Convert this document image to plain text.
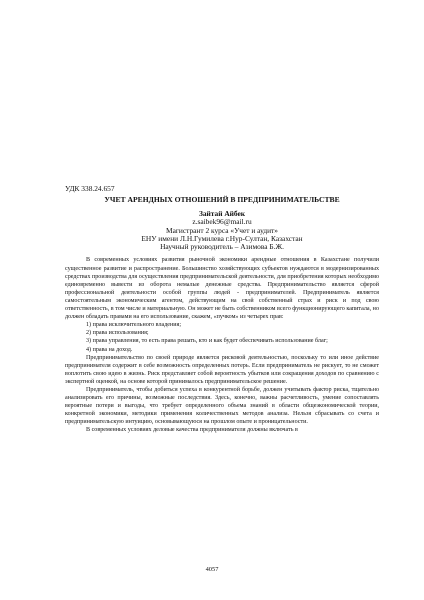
УДК 338.24.657
УЧЕТ АРЕНДНЫХ ОТНОШЕНИЙ В ПРЕДПРИНИМАТЕЛЬСТВЕ
Зайтай Айбек
z.saibek96@mail.ru
Магистрант 2 курса «Учет и аудит»
ЕНУ имени Л.Н.Гумилева г.Нур-Султан, Казахстан
Научный руководитель – Азимова Б.Ж.

В современных условиях развития рыночной экономики арендные отношения в Казахстане получили существенное развитие и распространение. Большинство хозяйствующих субъектов нуждаются в модернизированных средствах производства для осуществления предпринимательской деятельности, для приобретения которых необходимо единовременно вывести из оборота немалые денежные средства. Предпринимательство является сферой профессиональной деятельности особой группы людей - предпринимателей. Предприниматель является самостоятельным экономическим агентом, действующим на свой собственный страх и риск и под свою ответственность, в том числе и материальную. Он может не быть собственником всего функционирующего капитала, но должен обладать правами на его использование, скажем, «пучком» из четырех прав:

1) права исключительного владения;

2) права использования;

3) права управления, то есть права решать, кто и как будет обеспечивать использование благ;

4) права на доход.

Предпринимательство по своей природе является рисковой деятельностью, поскольку то или иное действие предпринимателя содержит в себе возможность определенных потерь. Если предприниматель не рискует, то не сможет воплотить свою идею в жизнь. Риск представляет собой вероятность убытков или сокращения доходов по сравнению с экспертной оценкой, на основе которой принималось предпринимательское решение.

Предприниматель, чтобы добиться успеха в конкурентной борьбе, должен учитывать фактор риска, тщательно анализировать его причины, возможные последствия. Здесь, конечно, важны расчетливость, умение сопоставлять вероятные потери и выгоды, что требует определенного объема знаний в области общеэкономической теории, конкретной экономики, методики применения количественных методов анализа. Нельзя сбрасывать со счета и предпринимательскую интуицию, основывающуюся на прошлом опыте и проницательности.

В современных условиях деловые качества предпринимателя должны включать в

4057
